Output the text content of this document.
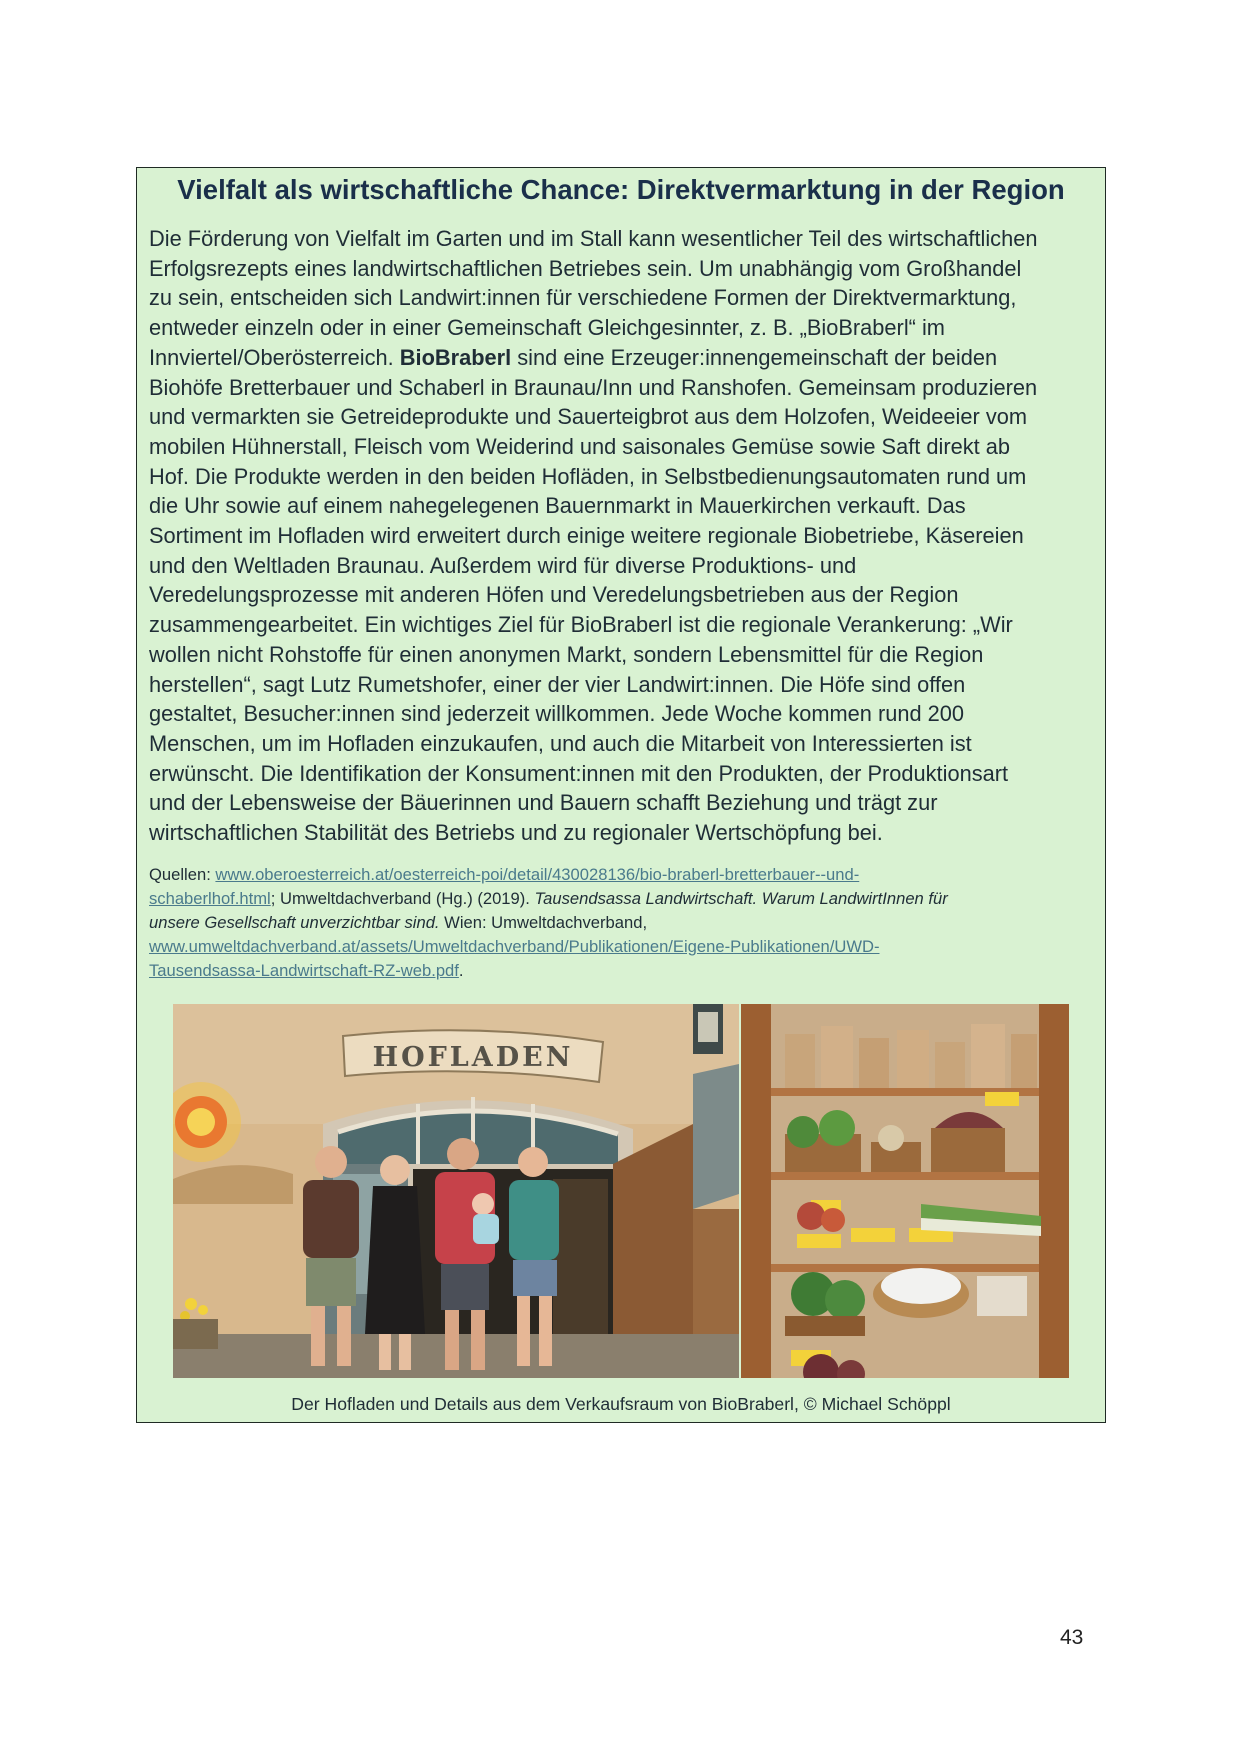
Vielfalt als wirtschaftliche Chance: Direktvermarktung in der Region
Die Förderung von Vielfalt im Garten und im Stall kann wesentlicher Teil des wirtschaftlichen
Erfolgsrezepts eines landwirtschaftlichen Betriebes sein. Um unabhängig vom Großhandel
zu sein, entscheiden sich Landwirt:innen für verschiedene Formen der Direktvermarktung,
entweder einzeln oder in einer Gemeinschaft Gleichgesinnter, z. B. „BioBraberl“ im
Innviertel/Oberösterreich. BioBraberl sind eine Erzeuger:innengemeinschaft der beiden
Biohöfe Bretterbauer und Schaberl in Braunau/Inn und Ranshofen. Gemeinsam produzieren
und vermarkten sie Getreideprodukte und Sauerteigbrot aus dem Holzofen, Weideeier vom
mobilen Hühnerstall, Fleisch vom Weiderind und saisonales Gemüse sowie Saft direkt ab
Hof. Die Produkte werden in den beiden Hofläden, in Selbstbedienungsautomaten rund um
die Uhr sowie auf einem nahegelegenen Bauernmarkt in Mauerkirchen verkauft. Das
Sortiment im Hofladen wird erweitert durch einige weitere regionale Biobetriebe, Käsereien
und den Weltladen Braunau. Außerdem wird für diverse Produktions- und
Veredelungsprozesse mit anderen Höfen und Veredelungsbetrieben aus der Region
zusammengearbeitet. Ein wichtiges Ziel für BioBraberl ist die regionale Verankerung: „Wir
wollen nicht Rohstoffe für einen anonymen Markt, sondern Lebensmittel für die Region
herstellen“, sagt Lutz Rumetshofer, einer der vier Landwirt:innen. Die Höfe sind offen
gestaltet, Besucher:innen sind jederzeit willkommen. Jede Woche kommen rund 200
Menschen, um im Hofladen einzukaufen, und auch die Mitarbeit von Interessierten ist
erwünscht. Die Identifikation der Konsument:innen mit den Produkten, der Produktionsart
und der Lebensweise der Bäuerinnen und Bauern schafft Beziehung und trägt zur
wirtschaftlichen Stabilität des Betriebs und zu regionaler Wertschöpfung bei.
Quellen: www.oberoesterreich.at/oesterreich-poi/detail/430028136/bio-braberl-bretterbauer--und-
schaberlhof.html; Umweltdachverband (Hg.) (2019). Tausendsassa Landwirtschaft. Warum LandwirtInnen für
unsere Gesellschaft unverzichtbar sind. Wien: Umweltdachverband,
www.umweltdachverband.at/assets/Umweltdachverband/Publikationen/Eigene-Publikationen/UWD-
Tausendsassa-Landwirtschaft-RZ-web.pdf.
HOFLADEN

Der Hofladen und Details aus dem Verkaufsraum von BioBraberl, © Michael Schöppl

43
